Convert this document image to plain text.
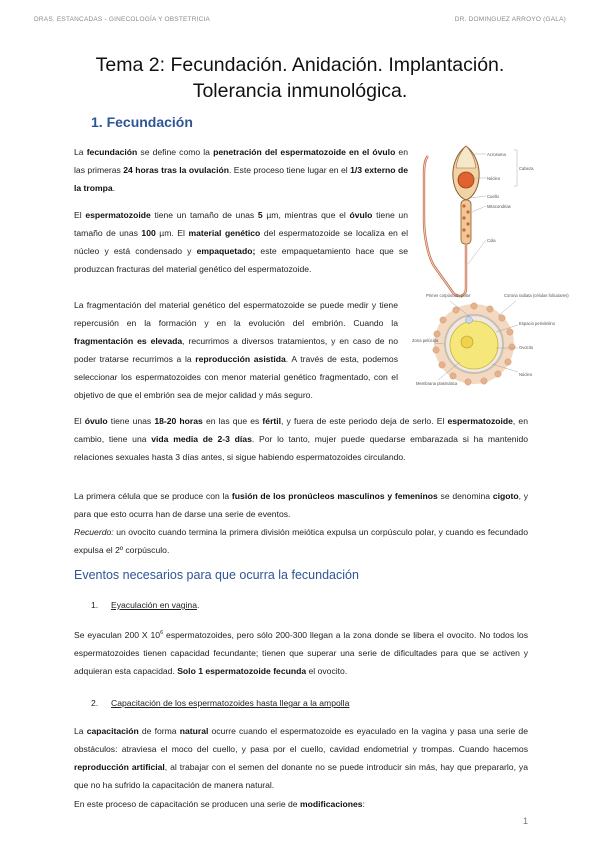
DRAS. ESTANCADAS - GINECOLOGÍA Y OBSTETRICIA	DR. DOMINGUEZ ARROYO (GALA)
Tema 2: Fecundación. Anidación. Implantación.
Tolerancia inmunológica.
1. Fecundación
La fecundación se define como la penetración del espermatozoide en el óvulo en las primeras 24 horas tras la ovulación. Este proceso tiene lugar en el 1/3 externo de la trompa.
El espermatozoide tiene un tamaño de unas 5 µm, mientras que el óvulo tiene un tamaño de unas 100 µm. El material genético del espermatozoide se localiza en el núcleo y está condensado y empaquetado; este empaquetamiento hace que se produzcan fracturas del material genético del espermatozoide.
La fragmentación del material genético del espermatozoide se puede medir y tiene repercusión en la formación y en la evolución del embrión. Cuando la fragmentación es elevada, recurrimos a diversos tratamientos, y en caso de no poder tratarse recurrimos a la reproducción asistida. A través de esta, podemos seleccionar los espermatozoides con menor material genético fragmentado, con el objetivo de que el embrión sea de mejor calidad y más seguro.
El óvulo tiene unas 18-20 horas en las que es fértil, y fuera de este periodo deja de serlo. El espermatozoide, en cambio, tiene una vida media de 2-3 días. Por lo tanto, mujer puede quedarse embarazada si ha mantenido relaciones sexuales hasta 3 días antes, si sigue habiendo espermatozoides circulando.
La primera célula que se produce con la fusión de los pronúcleos masculinos y femeninos se denomina cigoto, y para que esto ocurra han de darse una serie de eventos.
Recuerdo: un ovocito cuando termina la primera división meiótica expulsa un corpúsculo polar, y cuando es fecundado expulsa el 2º corpúsculo.
Eventos necesarios para que ocurra la fecundación
1. Eyaculación en vagina.
Se eyaculan 200 X $10^6$ espermatozoides, pero sólo 200-300 llegan a la zona donde se libera el ovocito. No todos los espermatozoides tienen capacidad fecundante; tienen que superar una serie de dificultades para que se activen y adquieran esta capacidad. Solo 1 espermatozoide fecunda el ovocito.
2. Capacitación de los espermatozoides hasta llegar a la ampolla
La capacitación de forma natural ocurre cuando el espermatozoide es eyaculado en la vagina y pasa una serie de obstáculos: atraviesa el moco del cuello, y pasa por el cuello, cavidad endometrial y trompas. Cuando hacemos reproducción artificial, al trabajar con el semen del donante no se puede introducir sin más, hay que prepararlo, ya que no ha sufrido la capacitación de manera natural.
En este proceso de capacitación se producen una serie de modificaciones:
Acrosoma
Núcleo
Cabeza
Cuello
Mitocondrias
Cola
Primer corpúsculo polar	Corona radiata (células foliculares)
Zona pelúcida
Espacio perivitelino
Ovocito
Membrana plasmática
Núcleo
1
